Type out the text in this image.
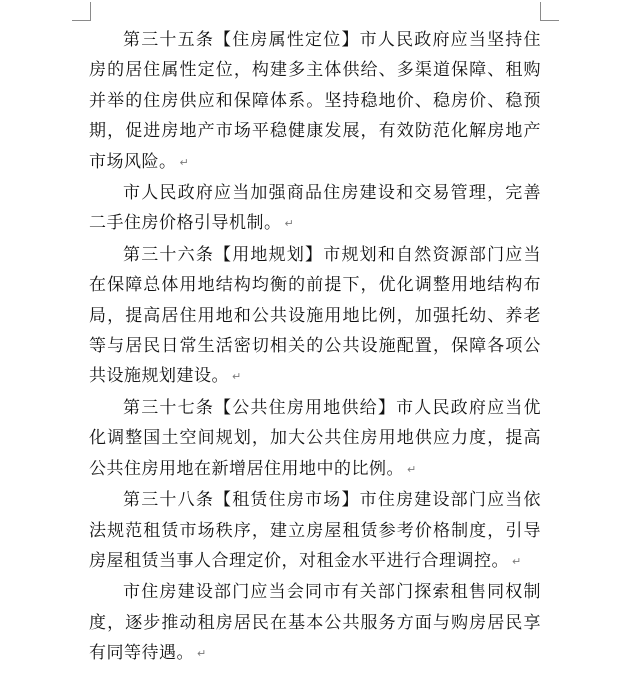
第三十五条【住房属性定位】市人民政府应当坚持住房的居住属性定位，构建多主体供给、多渠道保障、租购并举的住房供应和保障体系。坚持稳地价、稳房价、稳预期，促进房地产市场平稳健康发展，有效防范化解房地产市场风险。 ↵

市人民政府应当加强商品住房建设和交易管理，完善二手住房价格引导机制。 ↵

第三十六条【用地规划】市规划和自然资源部门应当在保障总体用地结构均衡的前提下，优化调整用地结构布局，提高居住用地和公共设施用地比例，加强托幼、养老等与居民日常生活密切相关的公共设施配置，保障各项公共设施规划建设。 ↵

第三十七条【公共住房用地供给】市人民政府应当优化调整国土空间规划，加大公共住房用地供应力度，提高公共住房用地在新增居住用地中的比例。 ↵

第三十八条【租赁住房市场】市住房建设部门应当依法规范租赁市场秩序，建立房屋租赁参考价格制度，引导房屋租赁当事人合理定价，对租金水平进行合理调控。 ↵

市住房建设部门应当会同市有关部门探索租售同权制度，逐步推动租房居民在基本公共服务方面与购房居民享有同等待遇。 ↵
